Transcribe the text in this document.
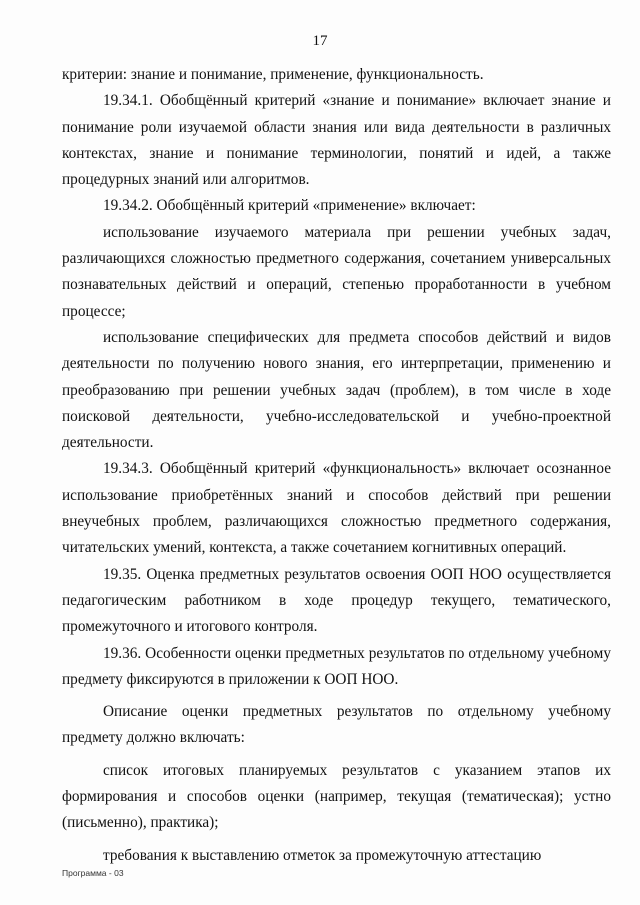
17

критерии: знание и понимание, применение, функциональность.

19.34.1. Обобщённый критерий «знание и понимание» включает знание и понимание роли изучаемой области знания или вида деятельности в различных контекстах, знание и понимание терминологии, понятий и идей, а также процедурных знаний или алгоритмов.

19.34.2. Обобщённый критерий «применение» включает:

использование изучаемого материала при решении учебных задач, различающихся сложностью предметного содержания, сочетанием универсальных познавательных действий и операций, степенью проработанности в учебном процессе;

использование специфических для предмета способов действий и видов деятельности по получению нового знания, его интерпретации, применению и преобразованию при решении учебных задач (проблем), в том числе в ходе поисковой деятельности, учебно-исследовательской и учебно-проектной деятельности.

19.34.3. Обобщённый критерий «функциональность» включает осознанное использование приобретённых знаний и способов действий при решении внеучебных проблем, различающихся сложностью предметного содержания, читательских умений, контекста, а также сочетанием когнитивных операций.

19.35. Оценка предметных результатов освоения ООП НОО осуществляется педагогическим работником в ходе процедур текущего, тематического, промежуточного и итогового контроля.

19.36. Особенности оценки предметных результатов по отдельному учебному предмету фиксируются в приложении к ООП НОО.

Описание оценки предметных результатов по отдельному учебному предмету должно включать:

список итоговых планируемых результатов с указанием этапов их формирования и способов оценки (например, текущая (тематическая); устно (письменно), практика);

требования к выставлению отметок за промежуточную аттестацию

Программа - 03
